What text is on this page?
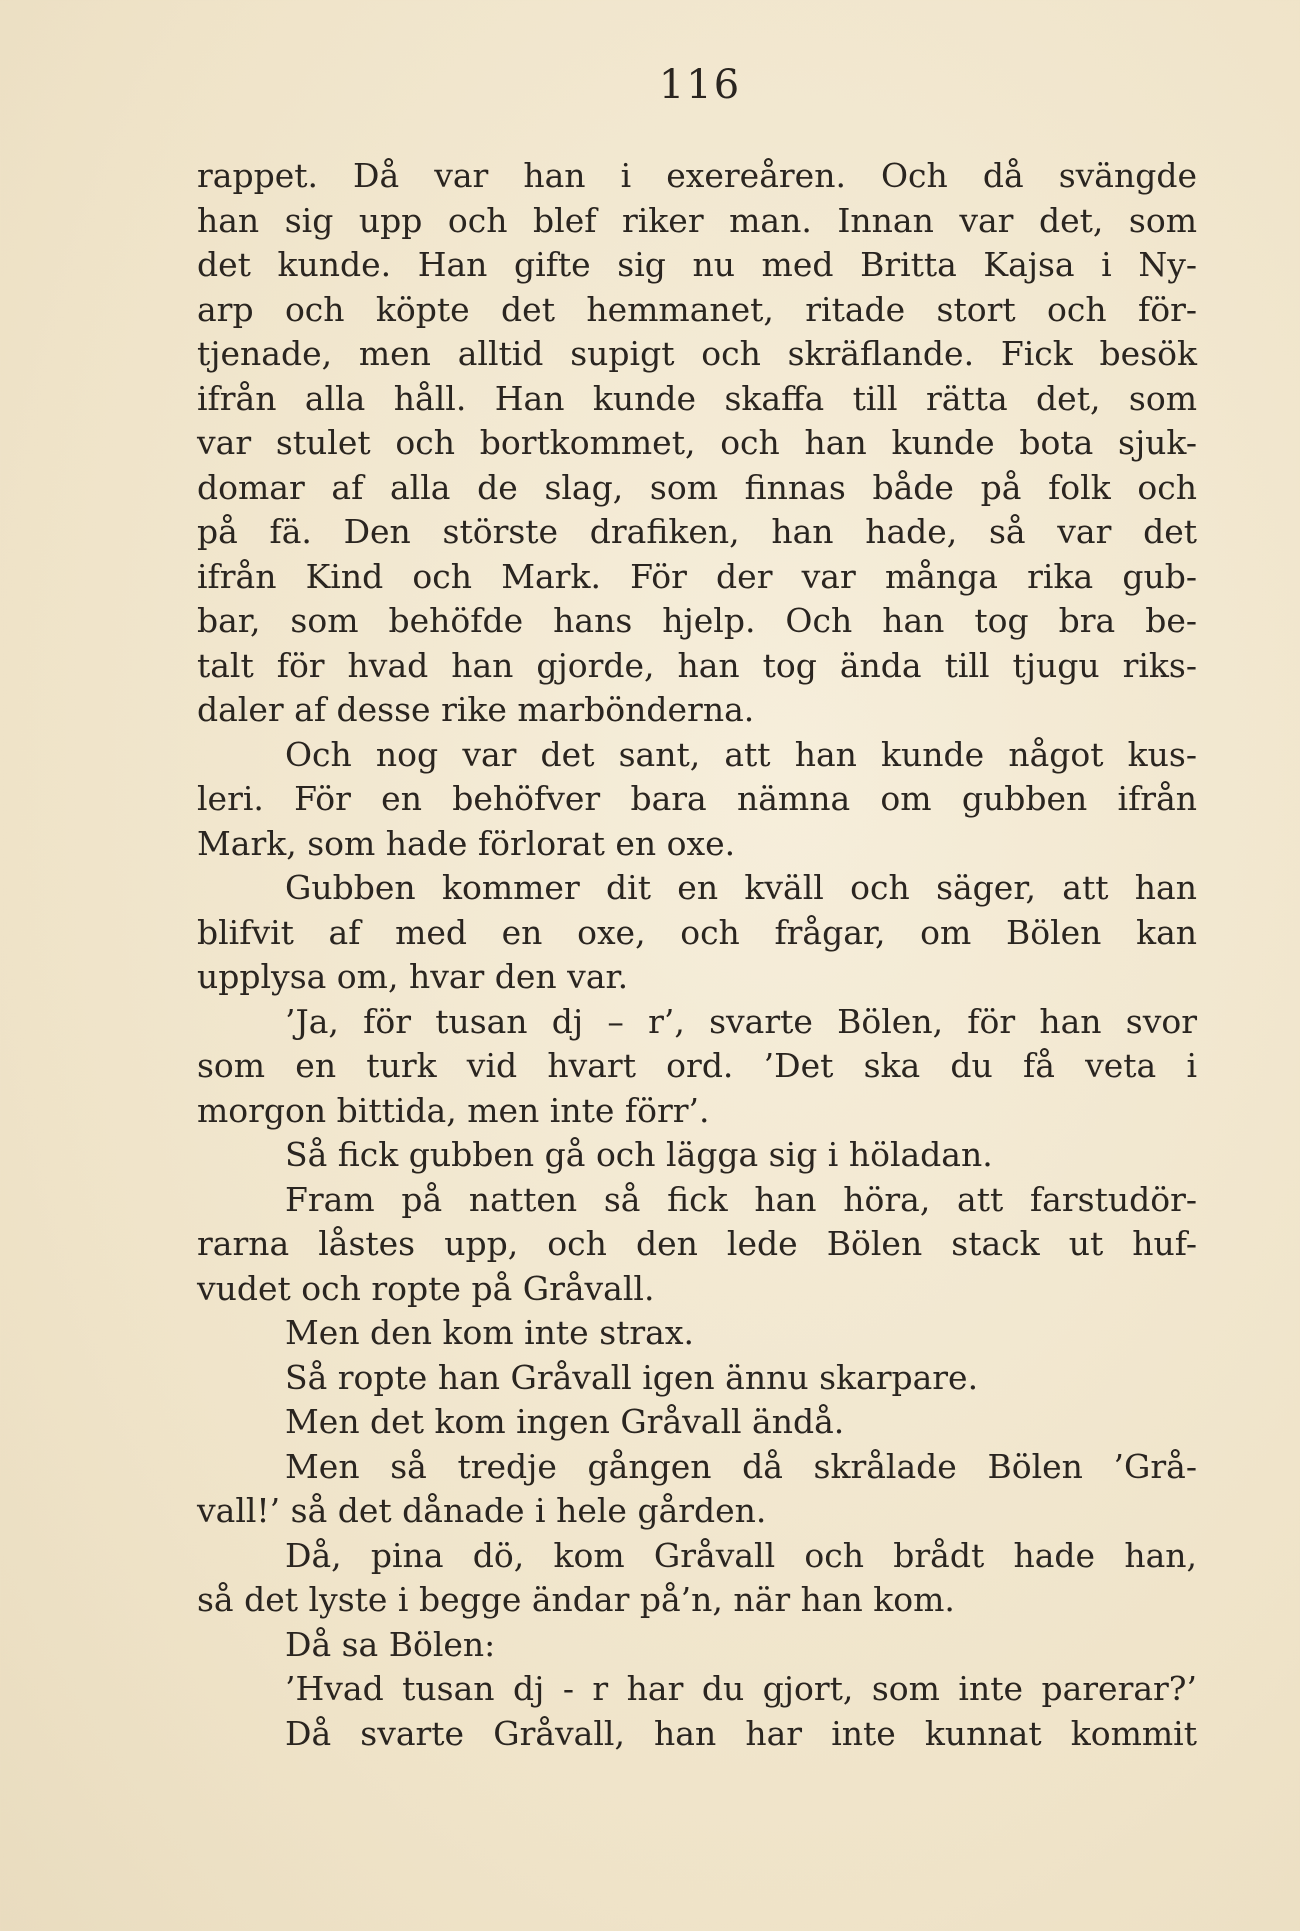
116
rappet. Då var han i exereåren. Och då svängde
han sig upp och blef riker man. Innan var det, som
det kunde. Han gifte sig nu med Britta Kajsa i Ny-
arp och köpte det hemmanet, ritade stort och för-
tjenade, men alltid supigt och skräflande. Fick besök
ifrån alla håll. Han kunde skaffa till rätta det, som
var stulet och bortkommet, och han kunde bota sjuk-
domar af alla de slag, som finnas både på folk och
på fä. Den störste drafiken, han hade, så var det
ifrån Kind och Mark. För der var många rika gub-
bar, som behöfde hans hjelp. Och han tog bra be-
talt för hvad han gjorde, han tog ända till tjugu riks-
daler af desse rike marbönderna.
Och nog var det sant, att han kunde något kus-
leri. För en behöfver bara nämna om gubben ifrån
Mark, som hade förlorat en oxe.
Gubben kommer dit en kväll och säger, att han
blifvit af med en oxe, och frågar, om Bölen kan
upplysa om, hvar den var.
’Ja, för tusan dj – r’, svarte Bölen, för han svor
som en turk vid hvart ord. ’Det ska du få veta i
morgon bittida, men inte förr’.
Så fick gubben gå och lägga sig i höladan.
Fram på natten så fick han höra, att farstudör-
rarna låstes upp, och den lede Bölen stack ut huf-
vudet och ropte på Gråvall.
Men den kom inte strax.
Så ropte han Gråvall igen ännu skarpare.
Men det kom ingen Gråvall ändå.
Men så tredje gången då skrålade Bölen ’Grå-
vall!’ så det dånade i hele gården.
Då, pina dö, kom Gråvall och brådt hade han,
så det lyste i begge ändar på’n, när han kom.
Då sa Bölen:
’Hvad tusan dj - r har du gjort, som inte parerar?’
Då svarte Gråvall, han har inte kunnat kommit
